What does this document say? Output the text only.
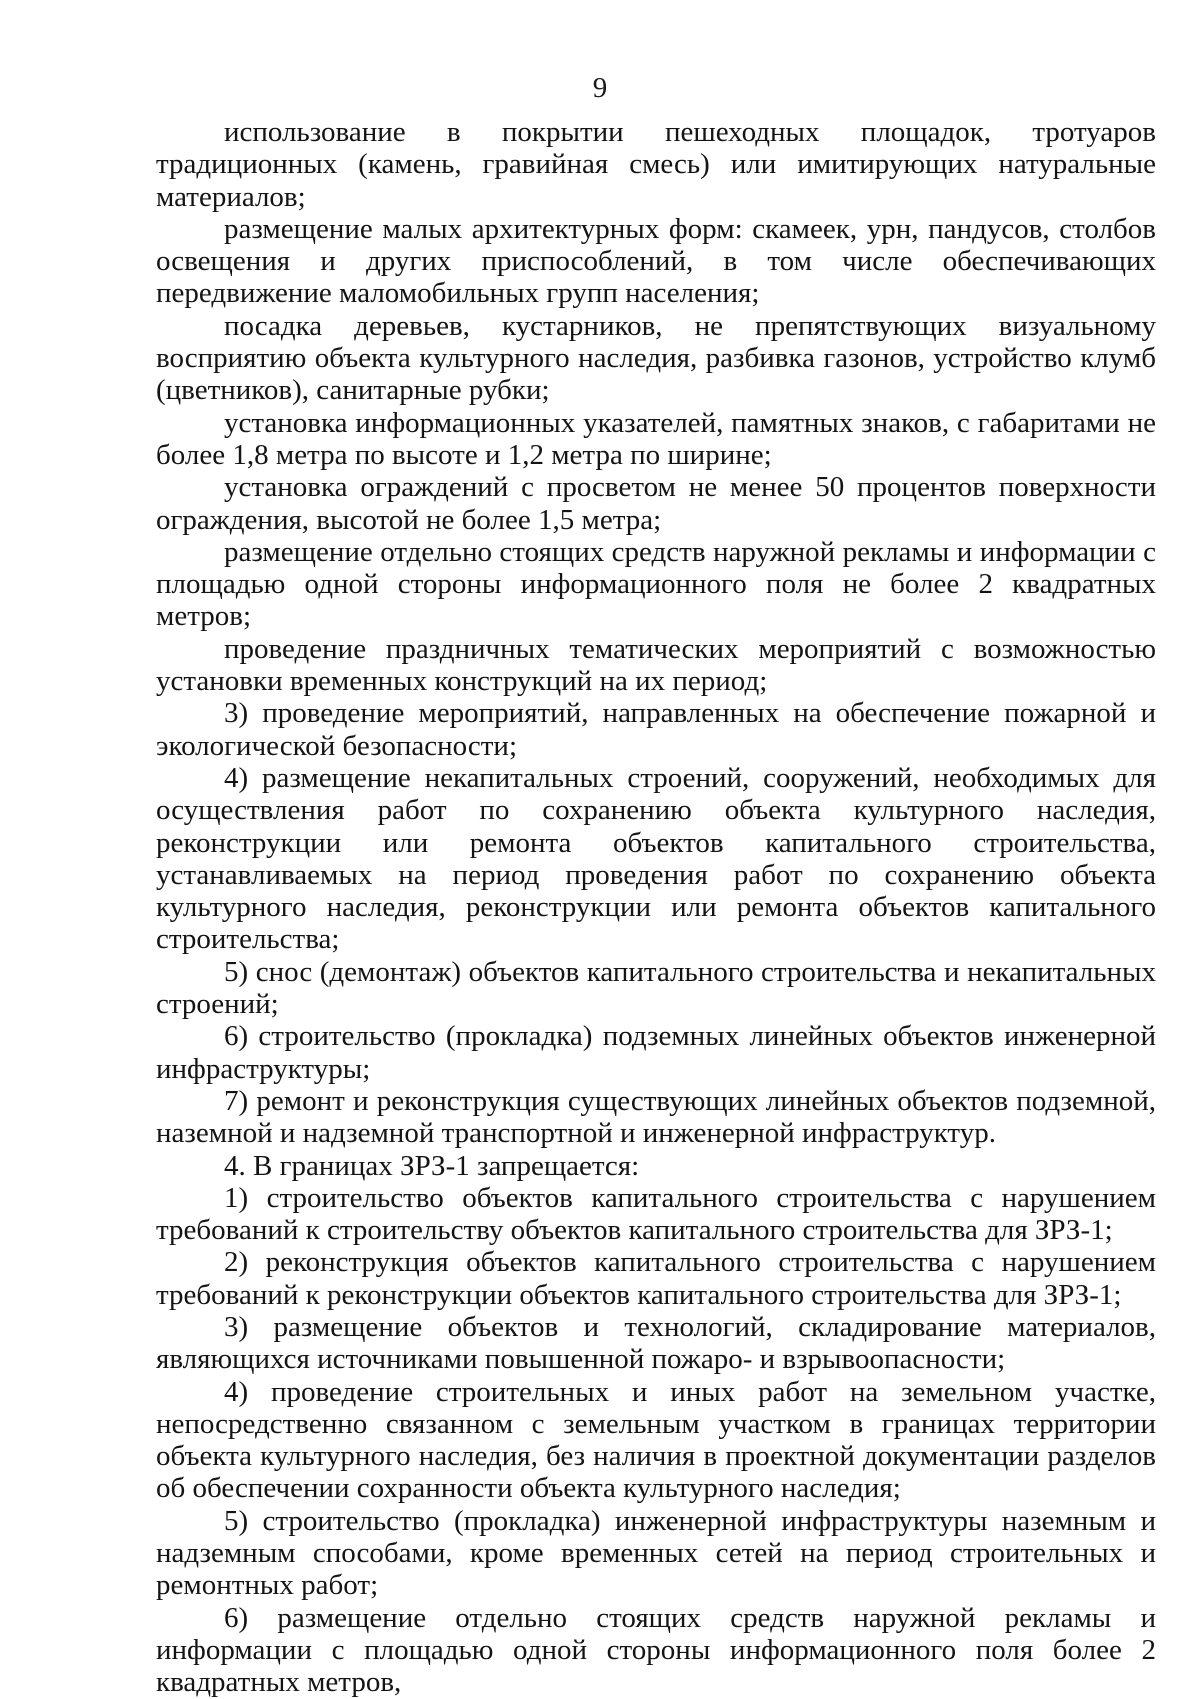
9

использование в покрытии пешеходных площадок, тротуаров традиционных (камень, гравийная смесь) или имитирующих натуральные материалов;

размещение малых архитектурных форм: скамеек, урн, пандусов, столбов освещения и других приспособлений, в том числе обеспечивающих передвижение маломобильных групп населения;

посадка деревьев, кустарников, не препятствующих визуальному восприятию объекта культурного наследия, разбивка газонов, устройство клумб (цветников), санитарные рубки;

установка информационных указателей, памятных знаков, с габаритами не более 1,8 метра по высоте и 1,2 метра по ширине;

установка ограждений с просветом не менее 50 процентов поверхности ограждения, высотой не более 1,5 метра;

размещение отдельно стоящих средств наружной рекламы и информации с площадью одной стороны информационного поля не более 2 квадратных метров;

проведение праздничных тематических мероприятий с возможностью установки временных конструкций на их период;

3) проведение мероприятий, направленных на обеспечение пожарной и экологической безопасности;

4) размещение некапитальных строений, сооружений, необходимых для осуществления работ по сохранению объекта культурного наследия, реконструкции или ремонта объектов капитального строительства, устанавливаемых на период проведения работ по сохранению объекта культурного наследия, реконструкции или ремонта объектов капитального строительства;

5) снос (демонтаж) объектов капитального строительства и некапитальных строений;

6) строительство (прокладка) подземных линейных объектов инженерной инфраструктуры;

7) ремонт и реконструкция существующих линейных объектов подземной, наземной и надземной транспортной и инженерной инфраструктур.

4. В границах ЗРЗ-1 запрещается:

1) строительство объектов капитального строительства с нарушением требований к строительству объектов капитального строительства для ЗРЗ-1;

2) реконструкция объектов капитального строительства с нарушением требований к реконструкции объектов капитального строительства для ЗРЗ-1;

3) размещение объектов и технологий, складирование материалов, являющихся источниками повышенной пожаро- и взрывоопасности;

4) проведение строительных и иных работ на земельном участке, непосредственно связанном с земельным участком в границах территории объекта культурного наследия, без наличия в проектной документации разделов об обеспечении сохранности объекта культурного наследия;

5) строительство (прокладка) инженерной инфраструктуры наземным и надземным способами, кроме временных сетей на период строительных и ремонтных работ;

6) размещение отдельно стоящих средств наружной рекламы и информации с площадью одной стороны информационного поля более 2 квадратных метров,
